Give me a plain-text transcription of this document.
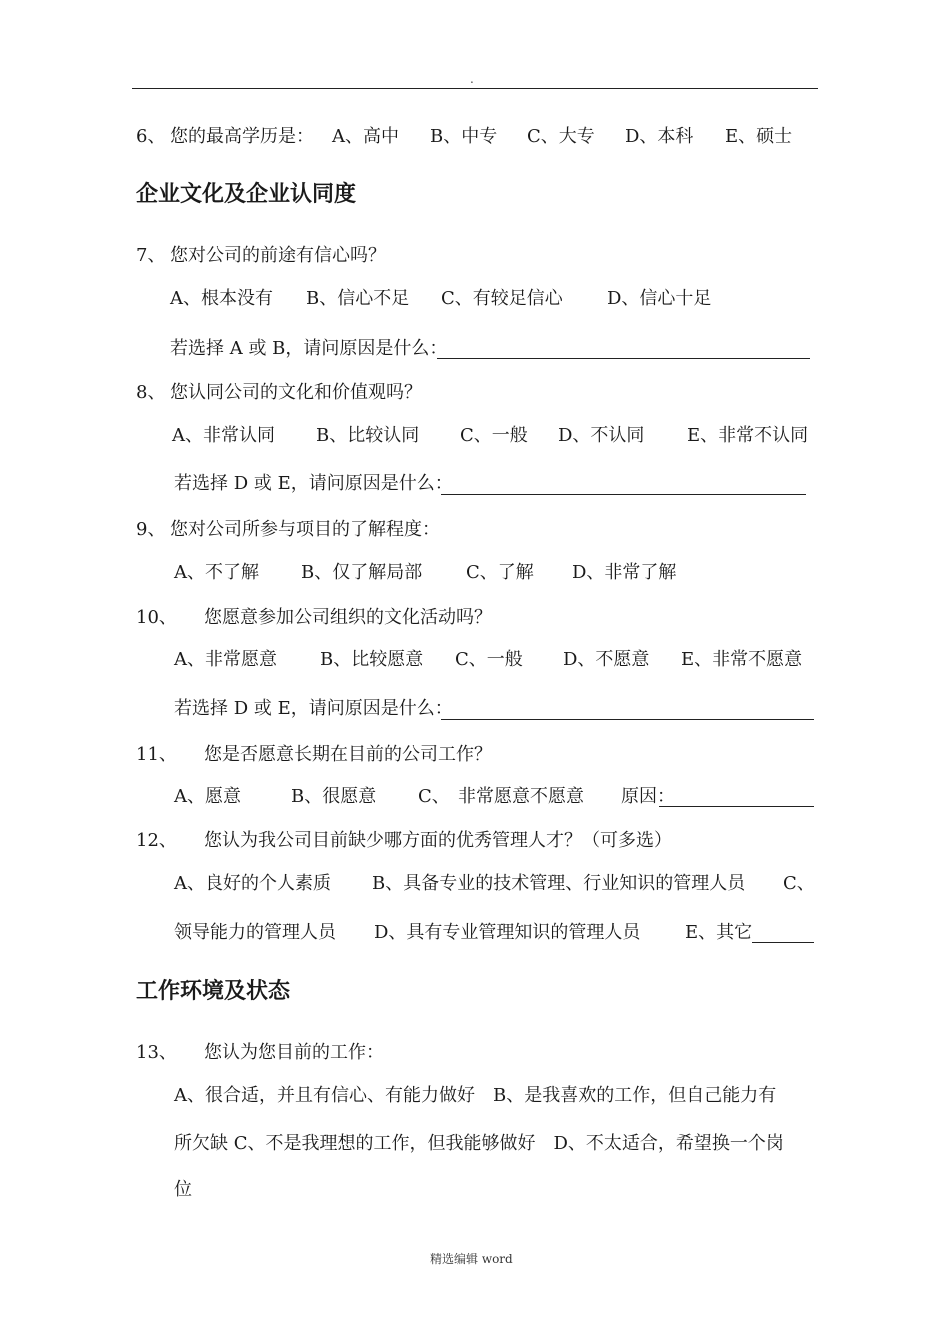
.
6、 您的最高学历是： A、高中 B、中专 C、大专 D、本科 E、硕士
企业文化及企业认同度
7、 您对公司的前途有信心吗？
A、根本没有 B、信心不足 C、有较足信心 D、信心十足
若选择 A 或 B，请问原因是什么：
8、 您认同公司的文化和价值观吗？
A、非常认同 B、比较认同 C、一般 D、不认同 E、非常不认同
若选择 D 或 E，请问原因是什么：
9、 您对公司所参与项目的了解程度：
A、不了解 B、仅了解局部 C、了解 D、非常了解
10、 您愿意参加公司组织的文化活动吗？
A、非常愿意 B、比较愿意 C、一般 D、不愿意 E、非常不愿意
若选择 D 或 E，请问原因是什么：
11、 您是否愿意长期在目前的公司工作？
A、愿意	B、很愿意 C、 非常愿意不愿意 原因：
12、 您认为我公司目前缺少哪方面的优秀管理人才？（可多选）
A、良好的个人素质 B、具备专业的技术管理、行业知识的管理人员 C、
领导能力的管理人员 D、具有专业管理知识的管理人员 E、其它
工作环境及状态
13、 您认为您目前的工作：
A、很合适，并且有信心、有能力做好　B、是我喜欢的工作，但自己能力有
所欠缺 C、不是我理想的工作，但我能够做好　D、不太适合，希望换一个岗
位
精选编辑 word
